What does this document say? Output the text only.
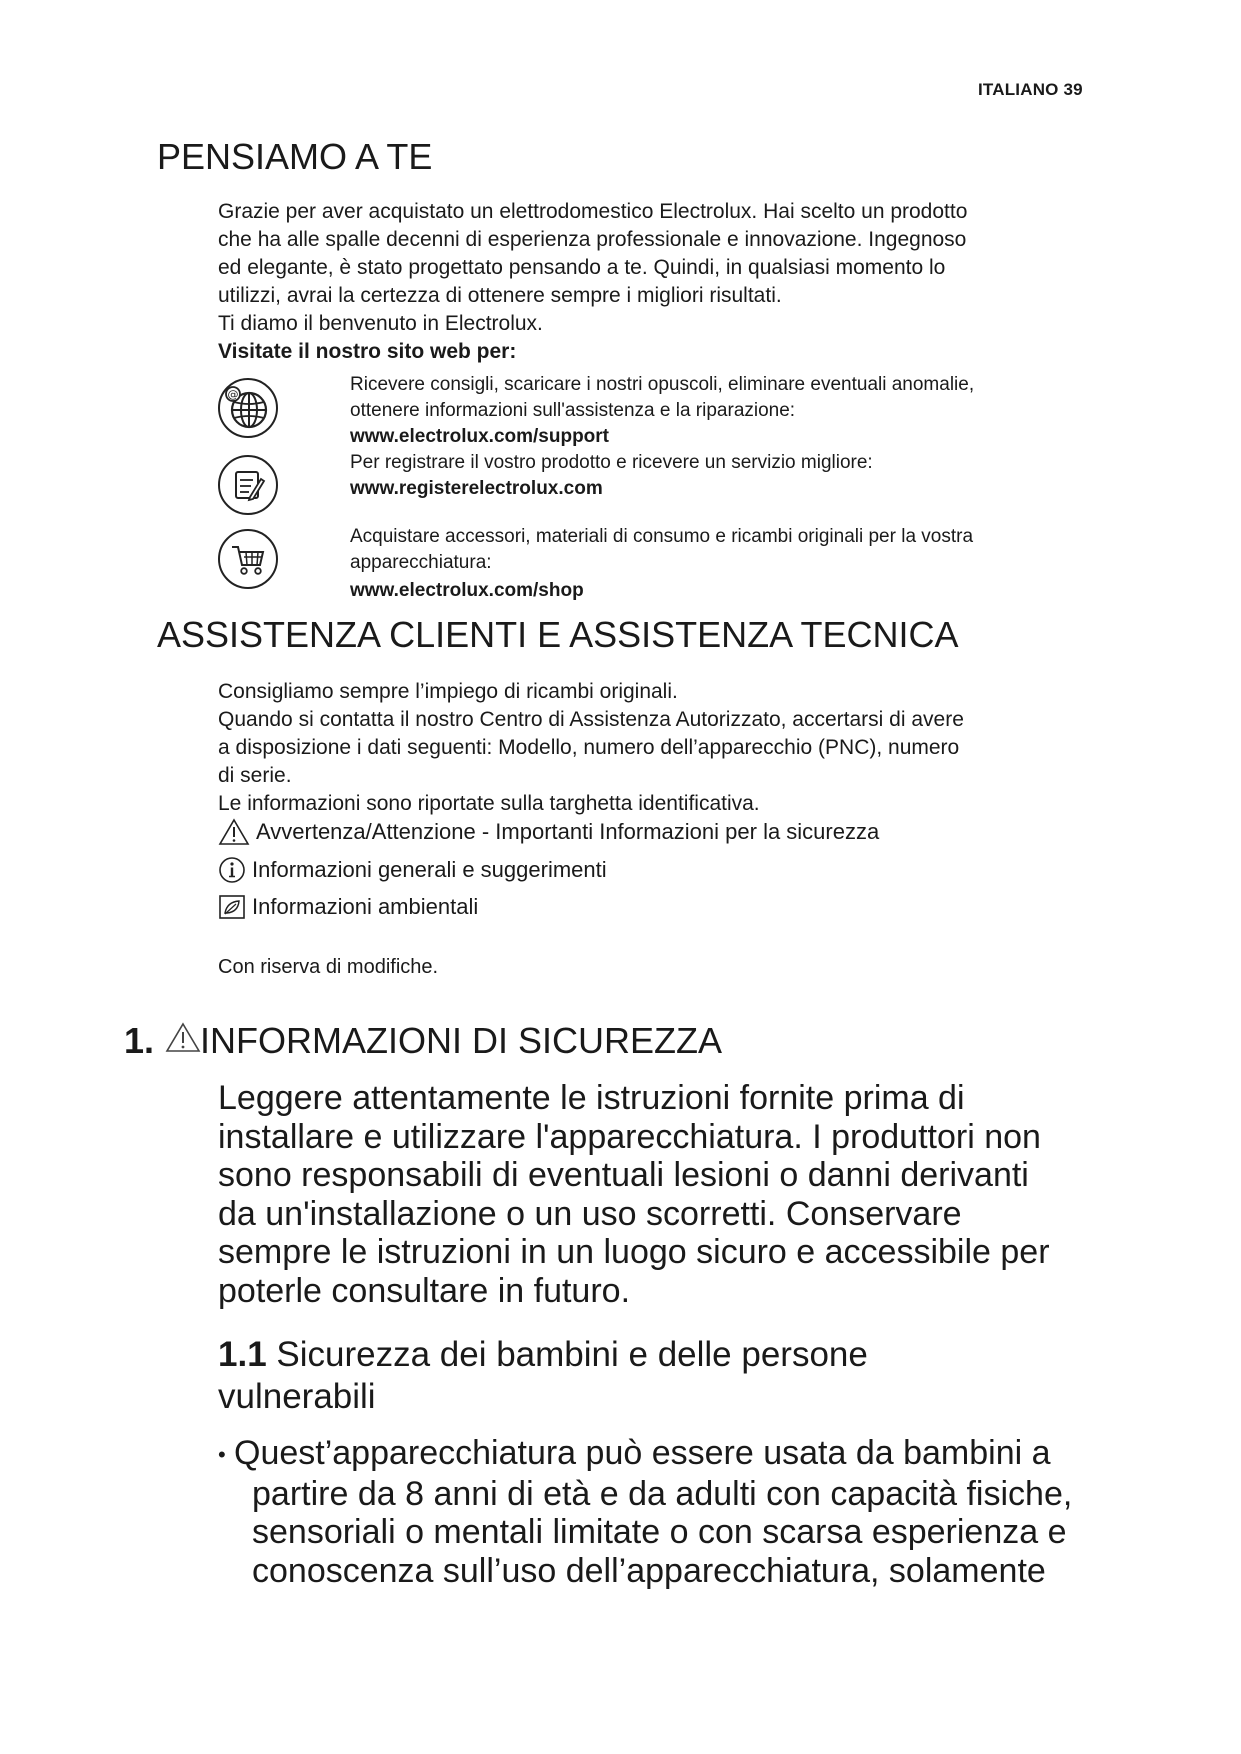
ITALIANO 39
PENSIAMO A TE
Grazie per aver acquistato un elettrodomestico Electrolux. Hai scelto un prodotto
che ha alle spalle decenni di esperienza professionale e innovazione. Ingegnoso
ed elegante, è stato progettato pensando a te. Quindi, in qualsiasi momento lo
utilizzi, avrai la certezza di ottenere sempre i migliori risultati.
Ti diamo il benvenuto in Electrolux.
Visitate il nostro sito web per:
@	Ricevere consigli, scaricare i nostri opuscoli, eliminare eventuali anomalie,
ottenere informazioni sull'assistenza e la riparazione:
www.electrolux.com/support
Per registrare il vostro prodotto e ricevere un servizio migliore:
www.registerelectrolux.com
Acquistare accessori, materiali di consumo e ricambi originali per la vostra
apparecchiatura:
www.electrolux.com/shop
ASSISTENZA CLIENTI E ASSISTENZA TECNICA
Consigliamo sempre l’impiego di ricambi originali.
Quando si contatta il nostro Centro di Assistenza Autorizzato, accertarsi di avere
a disposizione i dati seguenti: Modello, numero dell’apparecchio (PNC), numero
di serie.
Le informazioni sono riportate sulla targhetta identificativa.
Avvertenza/Attenzione - Importanti Informazioni per la sicurezza
Informazioni generali e suggerimenti
Informazioni ambientali
Con riserva di modifiche.
1. INFORMAZIONI DI SICUREZZA
Leggere attentamente le istruzioni fornite prima di
installare e utilizzare l'apparecchiatura. I produttori non
sono responsabili di eventuali lesioni o danni derivanti
da un'installazione o un uso scorretti. Conservare
sempre le istruzioni in un luogo sicuro e accessibile per
poterle consultare in futuro.
1.1 Sicurezza dei bambini e delle persone
vulnerabili
• Quest’apparecchiatura può essere usata da bambini a
partire da 8 anni di età e da adulti con capacità fisiche,
sensoriali o mentali limitate o con scarsa esperienza e
conoscenza sull’uso dell’apparecchiatura, solamente
